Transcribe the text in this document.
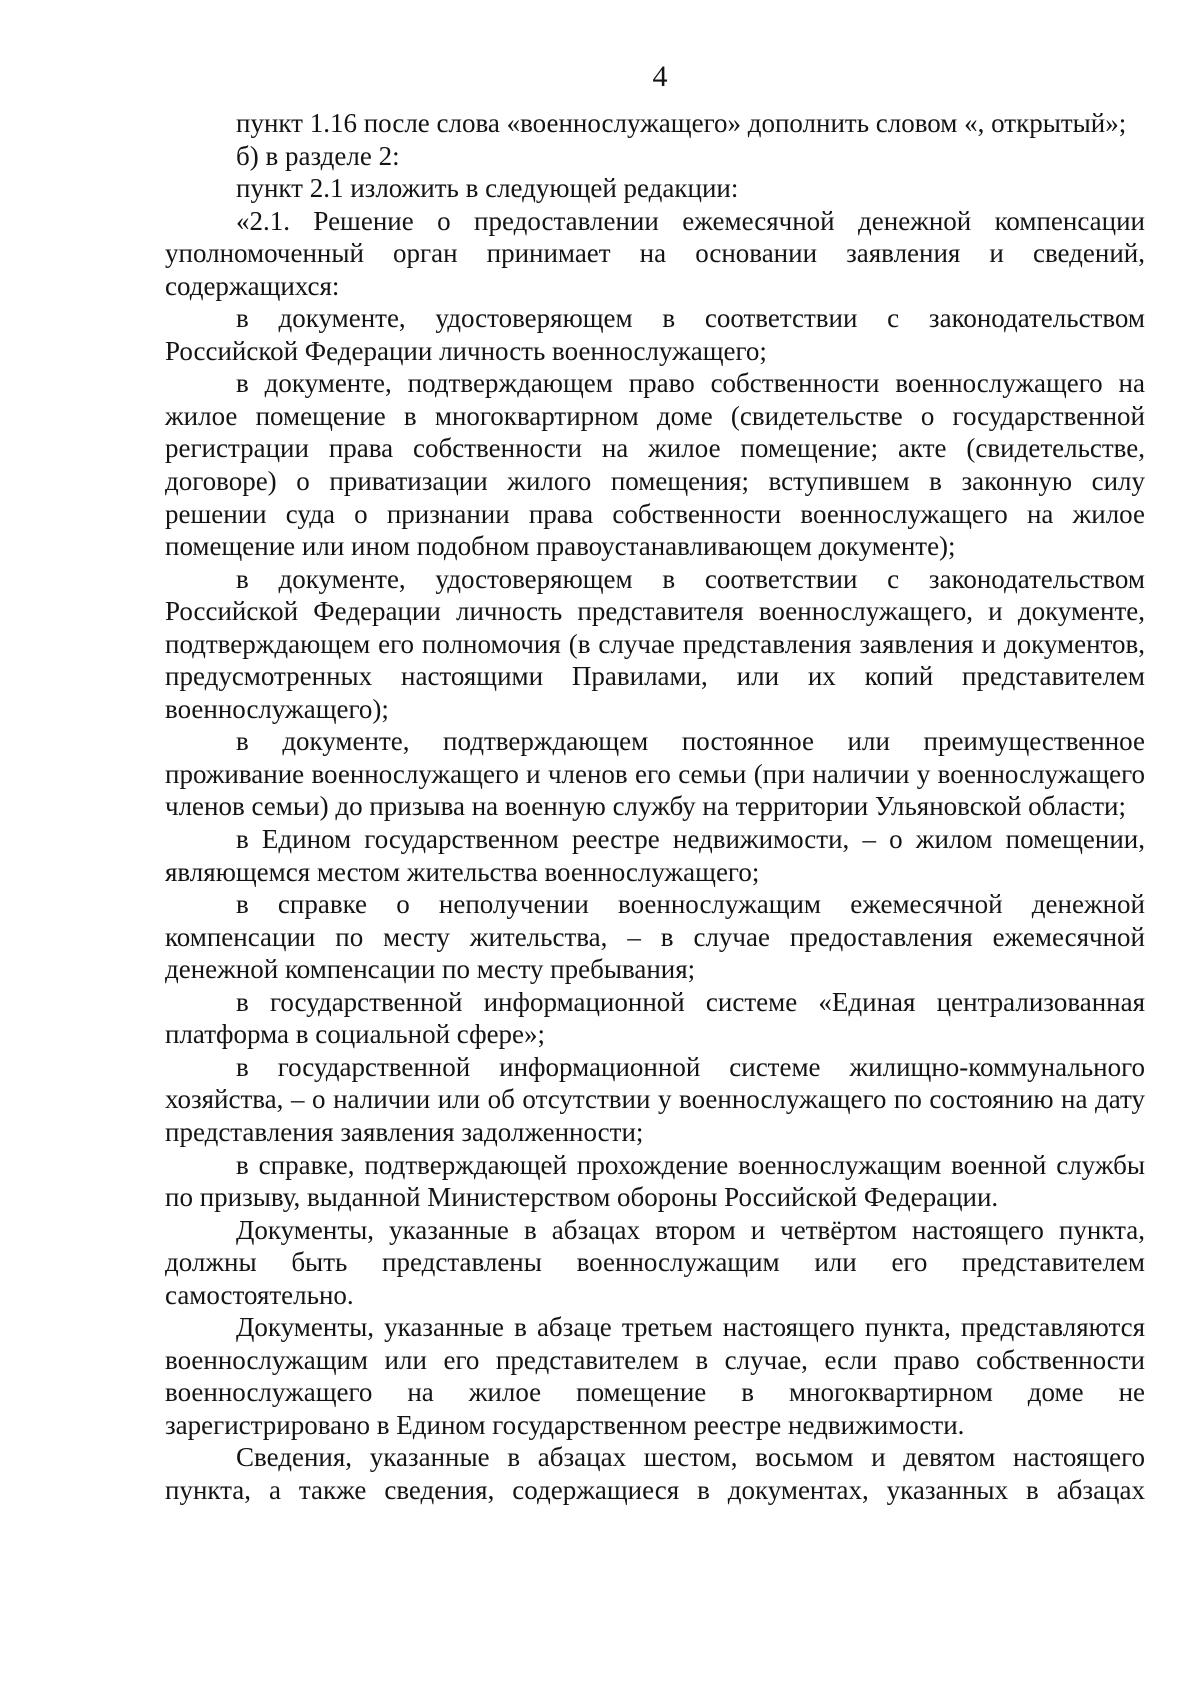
4

пункт 1.16 после слова «военнослужащего» дополнить словом «, открытый»;

б) в разделе 2:

пункт 2.1 изложить в следующей редакции:

«2.1. Решение о предоставлении ежемесячной денежной компенсации уполномоченный орган принимает на основании заявления и сведений, содержащихся:

в документе, удостоверяющем в соответствии с законодательством Российской Федерации личность военнослужащего;

в документе, подтверждающем право собственности военнослужащего на жилое помещение в многоквартирном доме (свидетельстве о государственной регистрации права собственности на жилое помещение; акте (свидетельстве, договоре) о приватизации жилого помещения; вступившем в законную силу решении суда о признании права собственности военнослужащего на жилое помещение или ином подобном правоустанавливающем документе);

в документе, удостоверяющем в соответствии с законодательством Российской Федерации личность представителя военнослужащего, и документе, подтверждающем его полномочия (в случае представления заявления и документов, предусмотренных настоящими Правилами, или их копий представителем военнослужащего);

в документе, подтверждающем постоянное или преимущественное проживание военнослужащего и членов его семьи (при наличии у военнослужащего членов семьи) до призыва на военную службу на территории Ульяновской области;

в Едином государственном реестре недвижимости, – о жилом помещении, являющемся местом жительства военнослужащего;

в справке о неполучении военнослужащим ежемесячной денежной компенсации по месту жительства, – в случае предоставления ежемесячной денежной компенсации по месту пребывания;

в государственной информационной системе «Единая централизованная платформа в социальной сфере»;

в государственной информационной системе жилищно-коммунального хозяйства, – о наличии или об отсутствии у военнослужащего по состоянию на дату представления заявления задолженности;

в справке, подтверждающей прохождение военнослужащим военной службы по призыву, выданной Министерством обороны Российской Федерации.

Документы, указанные в абзацах втором и четвёртом настоящего пункта, должны быть представлены военнослужащим или его представителем самостоятельно.

Документы, указанные в абзаце третьем настоящего пункта, представляются военнослужащим или его представителем в случае, если право собственности военнослужащего на жилое помещение в многоквартирном доме не зарегистрировано в Едином государственном реестре недвижимости.

Сведения, указанные в абзацах шестом, восьмом и девятом настоящего пункта, а также сведения, содержащиеся в документах, указанных в абзацах
